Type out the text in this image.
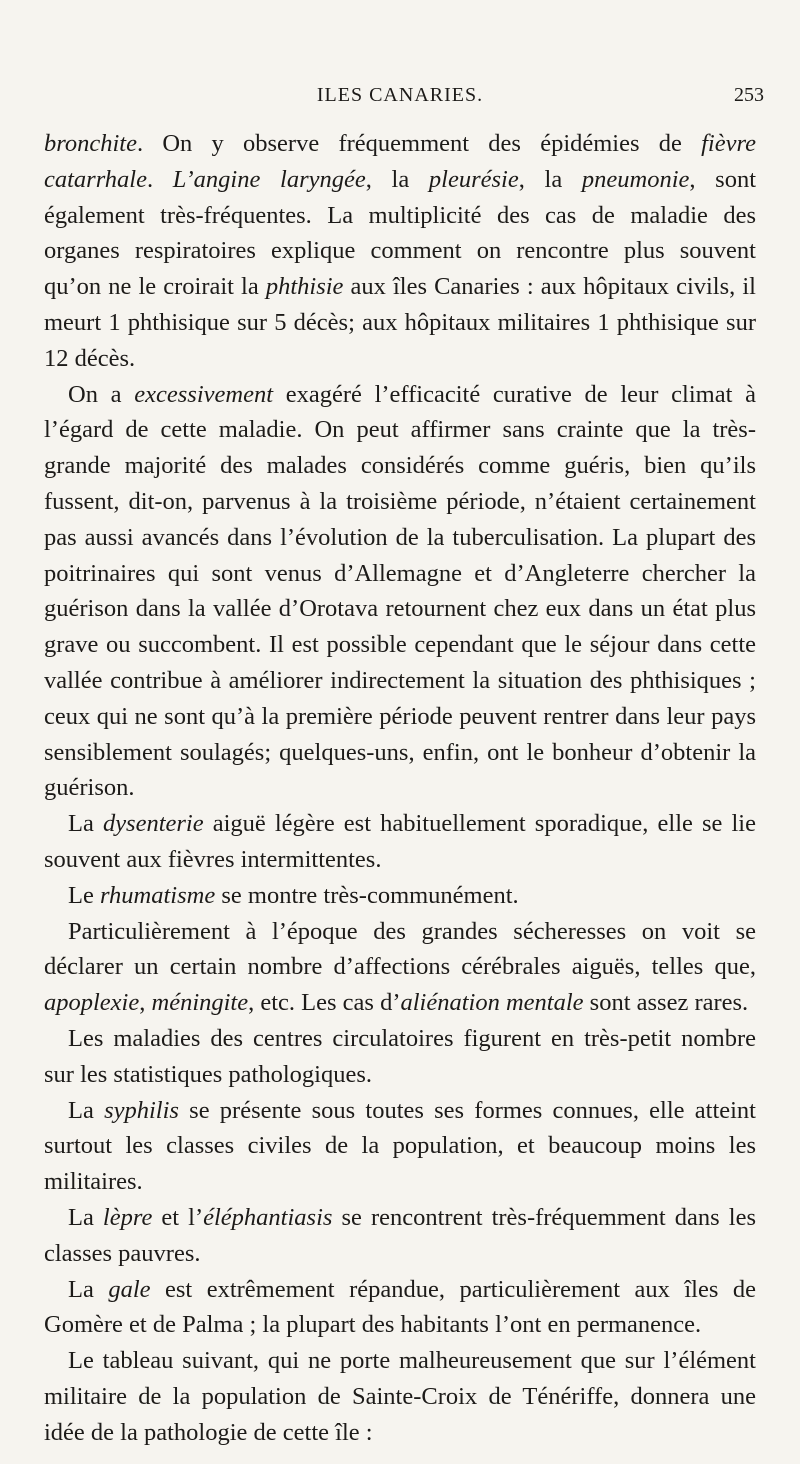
ILES CANARIES.	253

bronchite. On y observe fréquemment des épidémies de fièvre catarrhale. L’angine laryngée, la pleurésie, la pneumonie, sont également très-fréquentes. La multiplicité des cas de maladie des organes respiratoires explique comment on rencontre plus souvent qu’on ne le croirait la phthisie aux îles Canaries : aux hôpitaux civils, il meurt 1 phthisique sur 5 décès; aux hôpitaux militaires 1 phthisique sur 12 décès.

On a excessivement exagéré l’efficacité curative de leur climat à l’égard de cette maladie. On peut affirmer sans crainte que la très-grande majorité des malades considérés comme guéris, bien qu’ils fussent, dit-on, parvenus à la troisième période, n’étaient certainement pas aussi avancés dans l’évolution de la tuberculisation. La plupart des poitrinaires qui sont venus d’Allemagne et d’Angleterre chercher la guérison dans la vallée d’Orotava retournent chez eux dans un état plus grave ou succombent. Il est possible cependant que le séjour dans cette vallée contribue à améliorer indirectement la situation des phthisiques ; ceux qui ne sont qu’à la première période peuvent rentrer dans leur pays sensiblement soulagés; quelques-uns, enfin, ont le bonheur d’obtenir la guérison.

La dysenterie aiguë légère est habituellement sporadique, elle se lie souvent aux fièvres intermittentes.

Le rhumatisme se montre très-communément.

Particulièrement à l’époque des grandes sécheresses on voit se déclarer un certain nombre d’affections cérébrales aiguës, telles que, apoplexie, méningite, etc. Les cas d’aliénation mentale sont assez rares.

Les maladies des centres circulatoires figurent en très-petit nombre sur les statistiques pathologiques.

La syphilis se présente sous toutes ses formes connues, elle atteint surtout les classes civiles de la population, et beaucoup moins les militaires.

La lèpre et l’éléphantiasis se rencontrent très-fréquemment dans les classes pauvres.

La gale est extrêmement répandue, particulièrement aux îles de Gomère et de Palma ; la plupart des habitants l’ont en permanence.

Le tableau suivant, qui ne porte malheureusement que sur l’élément militaire de la population de Sainte-Croix de Ténériffe, donnera une idée de la pathologie de cette île :
